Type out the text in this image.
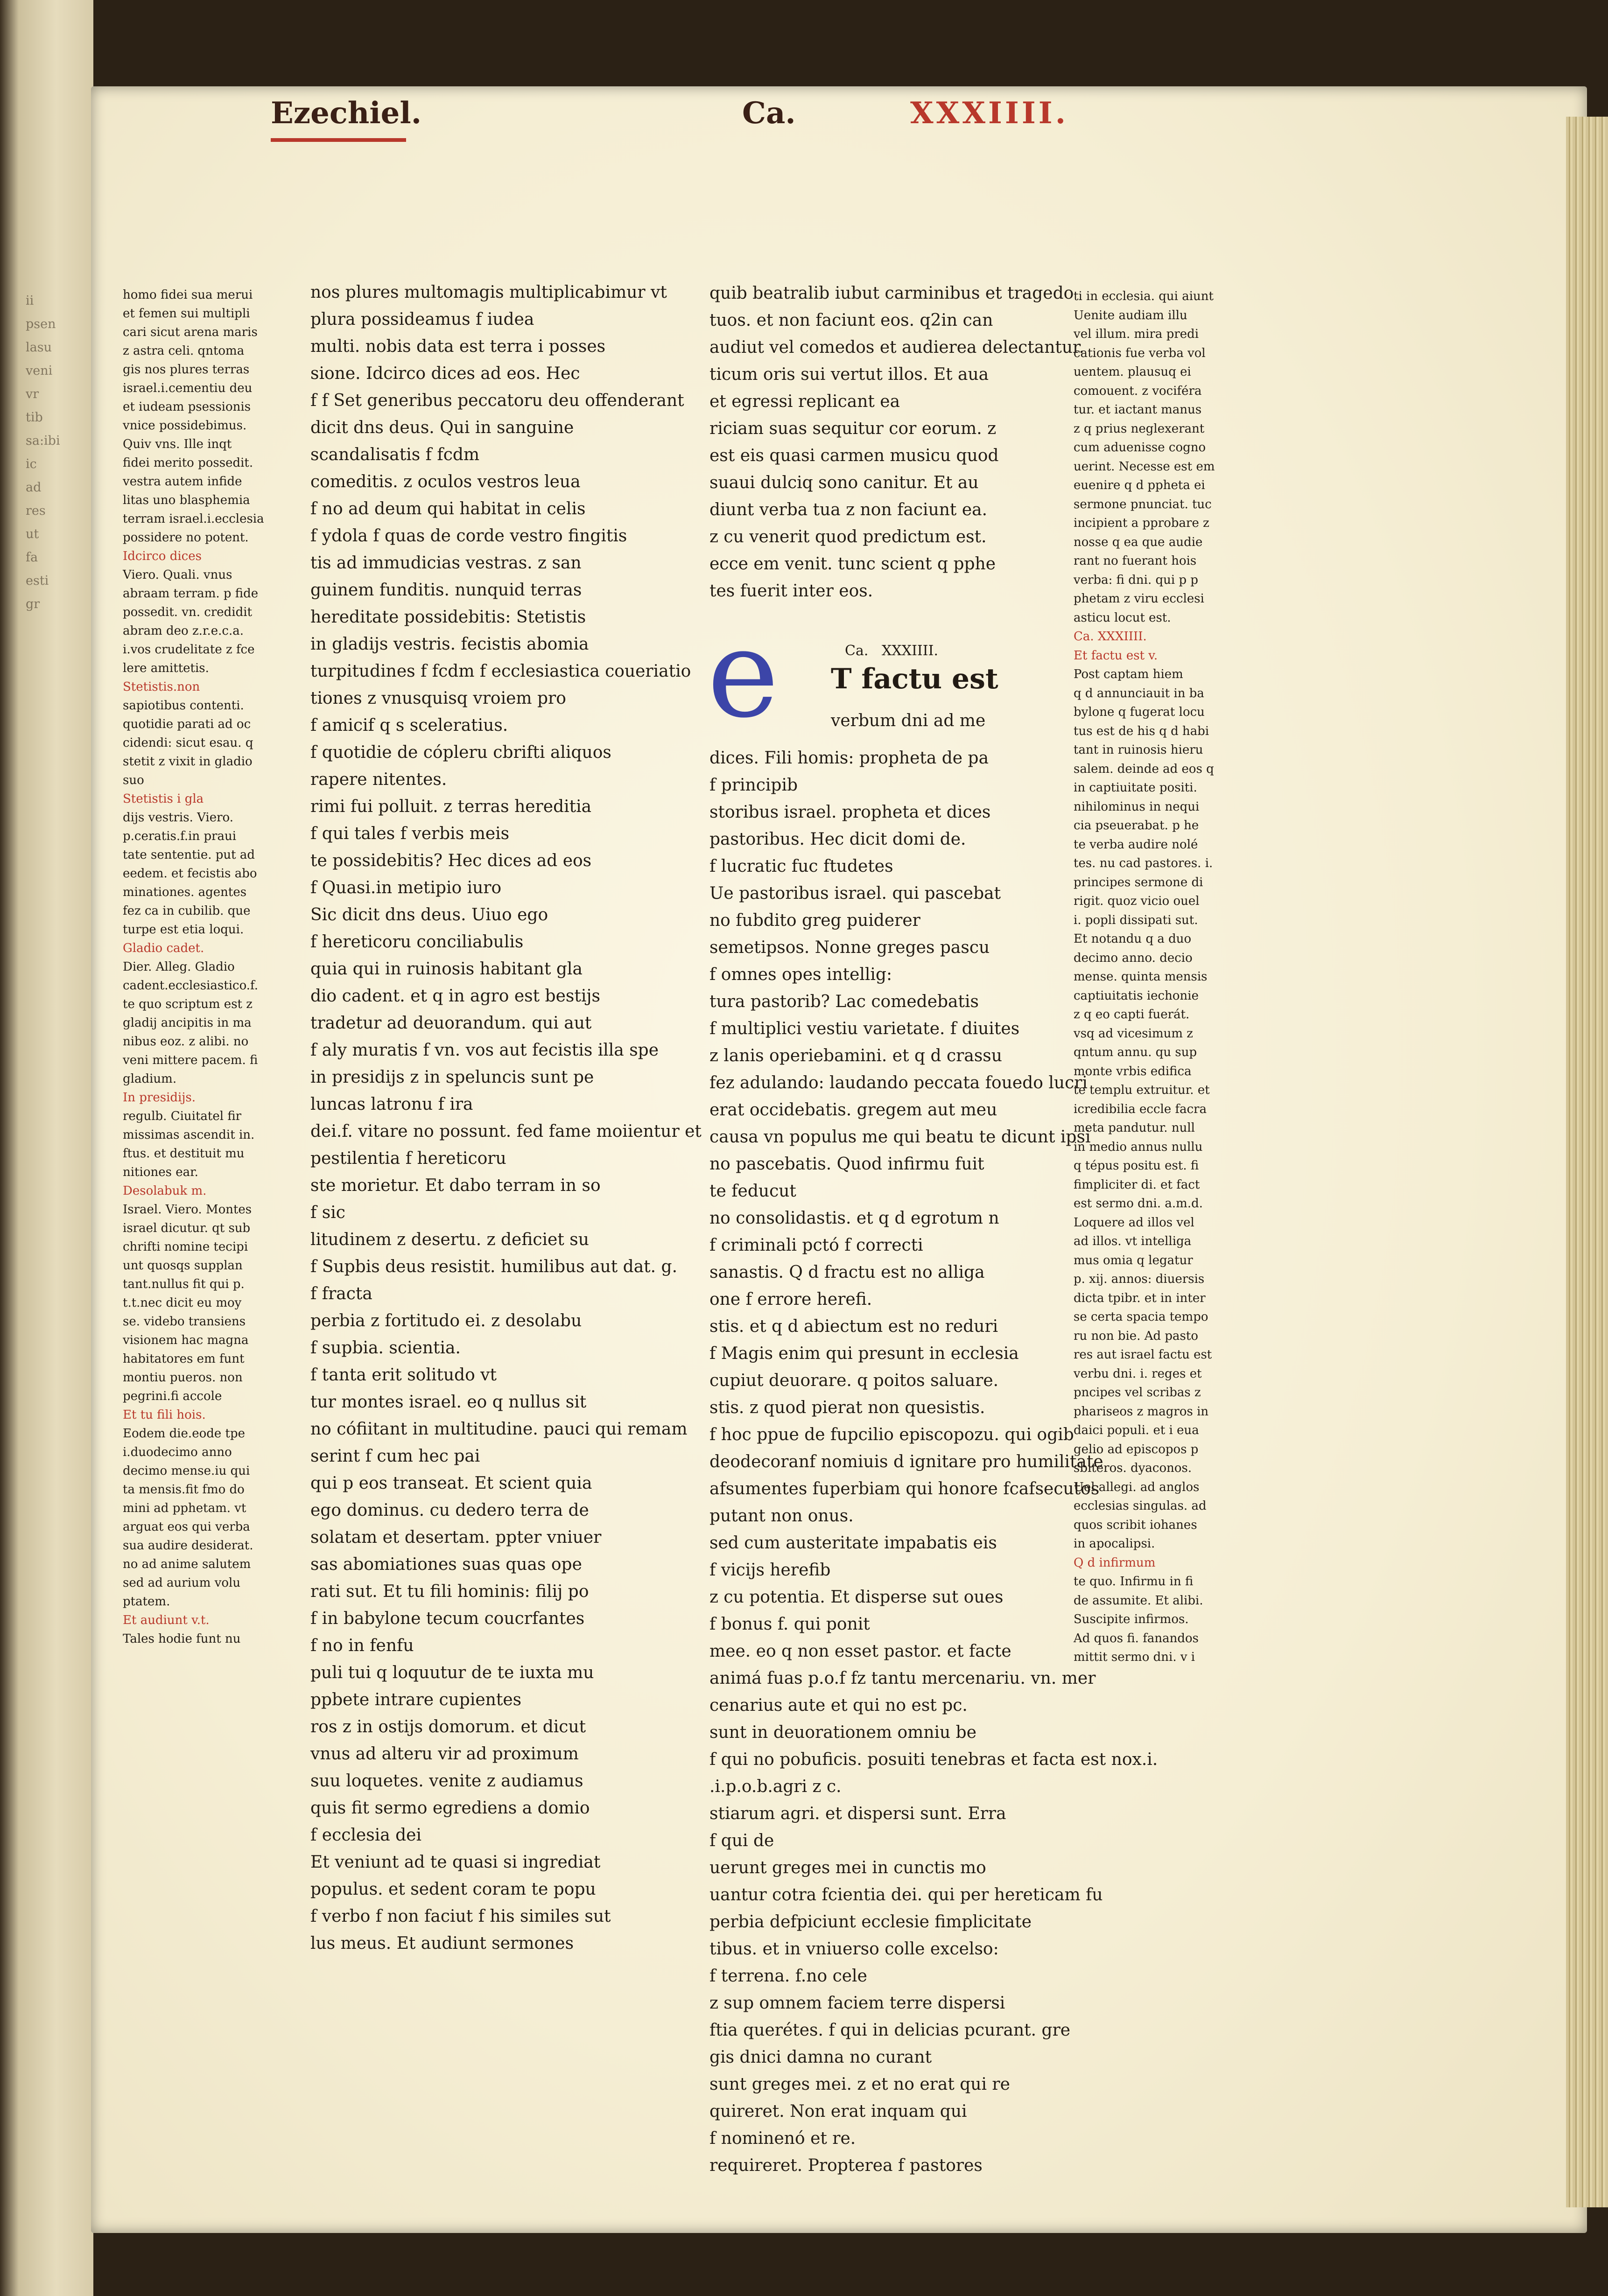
ii
psen
lasu
veni
vr
tib
sa:ibi
ic
ad
res
ut
fa
esti
gr
Ezechiel.	Ca.	XXXIIII.

homo fidei sua merui

et femen sui multipli

cari sicut arena maris

z astra celi. qntoma

gis nos plures terras

israel.i.cementiu deu

et iudeam psessionis

vnice possidebimus.

Quiv vns. Ille inqt

fidei merito possedit.

vestra autem infide

litas uno blasphemia

terram israel.i.ecclesia

possidere no potent.

Idcirco dices

Viero. Quali. vnus

abraam terram. p fide

possedit. vn. credidit

abram deo z.r.e.c.a.

i.vos crudelitate z fce

lere amittetis.

Stetistis.non

sapiotibus contenti.

quotidie parati ad oc

cidendi: sicut esau. q

stetit z vixit in gladio

suo

Stetistis i gla

dijs vestris. Viero.

p.ceratis.f.in praui

tate sententie. put ad

eedem. et fecistis abo

minationes. agentes

fez ca in cubilib. que

turpe est etia loqui.

Gladio cadet.

Dier. Alleg. Gladio

cadent.ecclesiastico.f.

te quo scriptum est z

gladij ancipitis in ma

nibus eoz. z alibi. no

veni mittere pacem. fi

gladium.

In presidijs.

regulb. Ciuitatel fir

missimas ascendit in.

ftus. et destituit mu

nitiones ear.

Desolabuk m.

Israel. Viero. Montes

israel dicutur. qt sub

chrifti nomine tecipi

unt quosqs supplan

tant.nullus fit qui p.

t.t.nec dicit eu moy

se. videbo transiens

visionem hac magna

habitatores em funt

montiu pueros. non

pegrini.fi accole

Et tu fili hois.

Eodem die.eode tpe

i.duodecimo anno

decimo mense.iu qui

ta mensis.fit fmo do

mini ad pphetam. vt

arguat eos qui verba

sua audire desiderat.

no ad anime salutem

sed ad aurium volu

ptatem.

Et audiunt v.t.

Tales hodie funt nu

nos plures multomagis multiplicabimur vt

plura possideamus f iudea

multi. nobis data est terra i posses

sione. Idcirco dices ad eos. Hec

f f Set generibus peccatoru deu offenderant

dicit dns deus. Qui in sanguine

scandalisatis f fcdm

comeditis. z oculos vestros leua

f no ad deum qui habitat in celis

f ydola f quas de corde vestro fingitis

tis ad immudicias vestras. z san

guinem funditis. nunquid terras

hereditate possidebitis: Stetistis

in gladijs vestris. fecistis abomia

turpitudines f fcdm f ecclesiastica coueriatio

tiones z vnusquisq vroiem pro

f amicif q s sceleratius.

f quotidie de cópleru cbrifti aliquos

rapere nitentes.

rimi fui polluit. z terras hereditia

f qui tales f verbis meis

te possidebitis? Hec dices ad eos

f Quasi.in metipio iuro

Sic dicit dns deus. Uiuo ego

f hereticoru conciliabulis

quia qui in ruinosis habitant gla

dio cadent. et q in agro est bestijs

tradetur ad deuorandum. qui aut

f aly muratis f vn. vos aut fecistis illa spe

in presidijs z in speluncis sunt pe

luncas latronu f ira

dei.f. vitare no possunt. fed fame moiientur et

pestilentia f hereticoru

ste morietur. Et dabo terram in so

f sic

litudinem z desertu. z deficiet su

f Supbis deus resistit. humilibus aut dat. g.

f fracta

perbia z fortitudo ei. z desolabu

f supbia. scientia.

f tanta erit solitudo vt

tur montes israel. eo q nullus sit

no cófiitant in multitudine. pauci qui remam

serint f cum hec pai

qui p eos transeat. Et scient quia

ego dominus. cu dedero terra de

solatam et desertam. ppter vniuer

sas abomiationes suas quas ope

rati sut. Et tu fili hominis: filij po

f in babylone tecum coucrfantes

f no in fenfu

puli tui q loquutur de te iuxta mu

ppbete intrare cupientes

ros z in ostijs domorum. et dicut

vnus ad alteru vir ad proximum

suu loquetes. venite z audiamus

quis fit sermo egrediens a domio

f ecclesia dei

Et veniunt ad te quasi si ingrediat

populus. et sedent coram te popu

f verbo f non faciut f his similes sut

lus meus. Et audiunt sermones

quib beatralib iubut carminibus et tragedo

tuos. et non faciunt eos. q2in can

audiut vel comedos et audierea delectantur.

ticum oris sui vertut illos. Et aua

et egressi replicant ea

riciam suas sequitur cor eorum. z

est eis quasi carmen musicu quod

suaui dulciq sono canitur. Et au

diunt verba tua z non faciunt ea.

z cu venerit quod predictum est.

ecce em venit. tunc scient q pphe

tes fuerit inter eos.

Ca. XXXIIII.
T factu est
verbum dni ad me

dices. Fili homis: propheta de pa

f principib

storibus israel. propheta et dices

pastoribus. Hec dicit domi de.

f lucratic fuc ftudetes

Ue pastoribus israel. qui pascebat

no fubdito greg puiderer

semetipsos. Nonne greges pascu

f omnes opes intellig:

tura pastorib? Lac comedebatis

f multiplici vestiu varietate. f diuites

z lanis operiebamini. et q d crassu

fez adulando: laudando peccata fouedo lucri

erat occidebatis. gregem aut meu

causa vn populus me qui beatu te dicunt ipsi

no pascebatis. Quod infirmu fuit

te feducut

no consolidastis. et q d egrotum n

f criminali pctó f correcti

sanastis. Q d fractu est no alliga

one f errore herefi.

stis. et q d abiectum est no reduri

f Magis enim qui presunt in ecclesia

cupiut deuorare. q poitos saluare.

stis. z quod pierat non quesistis.

f hoc ppue de fupcilio episcopozu. qui ogib

deodecoranf nomiuis d ignitare pro humilitate

afsumentes fuperbiam qui honore fcafsecutos

putant non onus.

sed cum austeritate impabatis eis

f vicijs herefib

z cu potentia. Et disperse sut oues

f bonus f. qui ponit

mee. eo q non esset pastor. et facte

animá fuas p.o.f fz tantu mercenariu. vn. mer

cenarius aute et qui no est pc.

sunt in deuorationem omniu be

f qui no pobuficis. posuiti tenebras et facta est nox.i.

.i.p.o.b.agri z c.

stiarum agri. et dispersi sunt. Erra

f qui de

uerunt greges mei in cunctis mo

uantur cotra fcientia dei. qui per hereticam fu

perbia defpiciunt ecclesie fimplicitate

tibus. et in vniuerso colle excelso:

f terrena. f.no cele

z sup omnem faciem terre dispersi

ftia querétes. f qui in delicias pcurant. gre

gis dnici damna no curant

sunt greges mei. z et no erat qui re

quireret. Non erat inquam qui

f nominenó et re.

requireret. Propterea f pastores

e

ti in ecclesia. qui aiunt

Uenite audiam illu

vel illum. mira predi

cationis fue verba vol

uentem. plausuq ei

comouent. z vociféra

tur. et iactant manus

z q prius neglexerant

cum aduenisse cogno

uerint. Necesse est em

euenire q d ppheta ei

sermone pnunciat. tuc

incipient a pprobare z

nosse q ea que audie

rant no fuerant hois

verba: fi dni. qui p p

phetam z viru ecclesi

asticu locut est.

Ca. XXXIIII.

Et factu est v.

Post captam hiem

q d annunciauit in ba

bylone q fugerat locu

tus est de his q d habi

tant in ruinosis hieru

salem. deinde ad eos q

in captiuitate positi.

nihilominus in nequi

cia pseuerabat. p he

te verba audire nolé

tes. nu cad pastores. i.

principes sermone di

rigit. quoz vicio ouel

i. popli dissipati sut.

Et notandu q a duo

decimo anno. decio

mense. quinta mensis

captiuitatis iechonie

z q eo capti fuerát.

vsq ad vicesimum z

qntum annu. qu sup

monte vrbis edifica

te templu extruitur. et

icredibilia eccle facra

meta pandutur. null

in medio annus nullu

q tépus positu est. fi

fimpliciter di. et fact

est sermo dni. a.m.d.

Loquere ad illos vel

ad illos. vt intelliga

mus omia q legatur

p. xij. annos: diuersis

dicta tpibr. et in inter

se certa spacia tempo

ru non bie. Ad pasto

res aut israel factu est

verbu dni. i. reges et

pncipes vel scribas z

phariseos z magros in

daici populi. et i eua

gelio ad episcopos p

sbiteros. dyaconos.

Uel allegi. ad anglos

ecclesias singulas. ad

quos scribit iohanes

in apocalipsi.

Q d infirmum

te quo. Infirmu in fi

de assumite. Et alibi.

Suscipite infirmos.

Ad quos fi. fanandos

mittit sermo dni. v i
